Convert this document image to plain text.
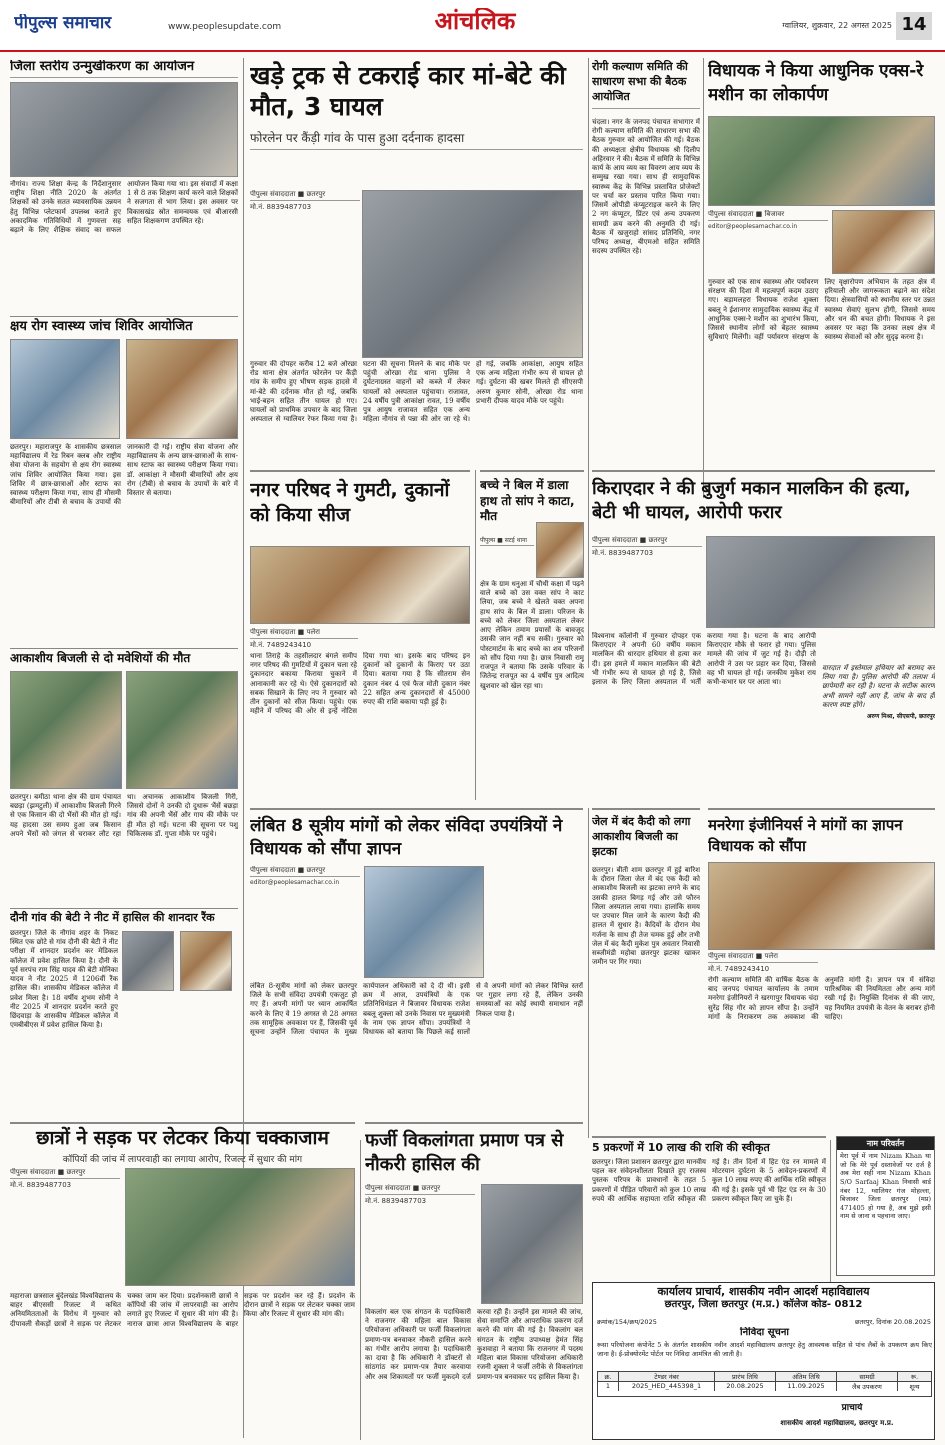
पीपुल्स समाचार	www.peoplesupdate.com	आंचलिक	ग्वालियर, शुक्रवार, 22 अगस्त 2025 14
जिला स्तरीय उन्मुखीकरण का आयोजन
नौगांव। राज्य शिक्षा केन्द्र के निर्देशानुसार राष्ट्रीय शिक्षा नीति 2020 के अंतर्गत शिक्षकों को उनके सतत व्यावसायिक उन्नयन हेतु विभिन्न प्लेटफार्म उपलब्ध कराते हुए अकादमिक गतिविधियों में गुणवत्ता सह बढ़ाने के लिए शैक्षिक संवाद का सफल आयोजन किया गया था। इस संवादों में कक्षा 1 से 8 तक शिक्षण कार्य करने वाले शिक्षकों ने सजगता से भाग लिया। इस अवसर पर विकासखंड स्रोत समन्वयक एवं बीआरसी सहित शिक्षकगण उपस्थित रहे।
क्षय रोग स्वास्थ्य जांच शिविर आयोजित
छतरपुर। महाराजपुर के शासकीय छत्रसाल महाविद्यालय में रेड रिबन क्लब और राष्ट्रीय सेवा योजना के सहयोग से क्षय रोग स्वास्थ्य जांच शिविर आयोजित किया गया। इस शिविर में छात्र-छात्राओं और स्टाफ का स्वास्थ्य परीक्षण किया गया, साथ ही मौसमी बीमारियों और टीबी से बचाव के उपायों की जानकारी दी गई। राष्ट्रीय सेवा योजना और महाविद्यालय के अन्य छात्र-छात्राओं के साथ-साथ स्टाफ का स्वास्थ्य परीक्षण किया गया। डॉ. आकांक्षा ने मौसमी बीमारियों और क्षय रोग (टीबी) से बचाव के उपायों के बारे में विस्तार से बताया।
आकाशीय बिजली से दो मवेशियों की मौत
छतरपुर। बमीठा थाना क्षेत्र की ग्राम पंचायत बछड़ा (झमटुली) में आकाशीय बिजली गिरने से एक किसान की दो भैंसों की मौत हो गई। यह हादसा उस समय हुआ जब किसान अपने भैंसों को जंगल से चराकर लौट रहा था। अचानक आकाशीय बिजली गिरी, जिससे दोनों ने उनकी दो दुधारू भैंसें बछड़ा गांव की अपनी भैंसें और गाय की मौके पर ही मौत हो गई। घटना की सूचना पर पशु चिकित्सक डॉ. गुप्ता मौके पर पहुंचे।
दौनी गांव की बेटी ने नीट में हासिल की शानदार रैंक
छतरपुर। जिले के नौगांव शहर के निकट स्थित एक छोटे से गांव दौनी की बेटी ने नीट परीक्षा में शानदार प्रदर्शन कर मेडिकल कॉलेज में प्रवेश हासिल किया है। दौनी के पूर्व सरपंच राम सिंह यादव की बेटी मोनिका यादव ने नीट 2025 में 1206वीं रैंक हासिल की। शासकीय मेडिकल कॉलेज में प्रवेश मिला है। 18 वर्षीय शुभम सोनी ने नीट 2025 में शानदार प्रदर्शन करते हुए छिंदवाड़ा के शासकीय मेडिकल कॉलेज में एमबीबीएस में प्रवेश हासिल किया है।
छात्रों ने सड़क पर लेटकर किया चक्काजाम
कॉपियों की जांच में लापरवाही का लगाया आरोप, रिजल्ट में सुधार की मांग
पीपुल्स संवाददाता ■ छतरपुर
मो.नं. 8839487703
महाराजा छत्रसाल बुंदेलखंड विश्वविद्यालय के बाहर बीएससी रिजल्ट में कथित अनियमितताओं के विरोध में गुरुवार को दीपावली सैकड़ों छात्रों ने सड़क पर लेटकर चक्का जाम कर दिया। प्रदर्शनकारी छात्रों ने कॉपियों की जांच में लापरवाही का आरोप लगाते हुए रिजल्ट में सुधार की मांग की है। नाराज छात्रा आज विश्वविद्यालय के बाहर सड़क पर प्रदर्शन कर रहे हैं। प्रदर्शन के दौरान छात्रों ने सड़क पर लेटकर चक्का जाम किया और रिजल्ट में सुधार की मांग की।
खड़े ट्रक से टकराई कार मां-बेटे की मौत, 3 घायल
फोरलेन पर कैंड़ी गांव के पास हुआ दर्दनाक हादसा
पीपुल्स संवाददाता ■ छतरपुर
मो.नं. 8839487703
गुरुवार की दोपहर करीब 12 बजे ओरछा रोड थाना क्षेत्र अंतर्गत फोरलेन पर कैंड़ी गांव के समीप हुए भीषण सड़क हादसे में मां-बेटे की दर्दनाक मौत हो गई, जबकि भाई-बहन सहित तीन घायल हो गए। घायलों को प्राथमिक उपचार के बाद जिला अस्पताल से ग्वालियर रेफर किया गया है। घटना की सूचना मिलने के बाद मौके पर पहुंची ओरछा रोड थाना पुलिस ने दुर्घटनाग्रस्त वाहनों को कब्जे में लेकर घायलों को अस्पताल पहुंचाया। राजावत, 24 वर्षीय पुत्री आकांक्षा रावत, 19 वर्षीय पुत्र आयुष राजावत सहित एक अन्य महिला नौगांव से पन्ना की ओर जा रहे थे। हो गई, जबकि आकांक्षा, आयुष सहित एक अन्य महिला गंभीर रूप से घायल हो गई। दुर्घटना की खबर मिलते ही सीएसपी अरुण कुमार सोनी, ओरछा रोड थाना प्रभारी दीपक यादव मौके पर पहुंचे।
नगर परिषद ने गुमटी, दुकानों को किया सीज
पीपुल्स संवाददाता ■ पलेरा
मो.नं. 7489243410
थाना तिराहे के तहसीलदार बंगले समीप नगर परिषद की गुमटियों में दुकान चला रहे दुकानदार बकाया किराया चुकाने में आनाकानी कर रहे थे। ऐसे दुकानदारों को सबक सिखाने के लिए नप ने गुरुवार को तीन दुकानों को सीज किया। पहुंचे। एक महीने में परिषद की ओर से इन्हें नोटिस दिया गया था। इसके बाद परिषद इन दुकानों को दुकानों के किराए पर उठा दिया। बताया गया है कि सीतराम सेन दुकान नंबर 4 एवं फैज मोती दुकान नंबर 22 सहित अन्य दुकानदारों से 45000 रुपए की राशि बकाया पड़ी हुई है।
बच्चे ने बिल में डाला हाथ तो सांप ने काटा, मौत
पीपुल्स ■ सटई थाना
क्षेत्र के ग्राम धनुआ में चौथी कक्षा में पढ़ने वाले बच्चे को उस वक्त सांप ने काट लिया, जब बच्चे ने खेलते वक्त अपना हाथ सांप के बिल में डाला। परिजन के बच्चे को लेकर जिला अस्पताल लेकर आए लेकिन तमाम प्रयासों के बावजूद उसकी जान नहीं बच सकी। गुरुवार को पोस्टमार्टम के बाद बच्चे का शव परिजनों को सौंप दिया गया है। छात्र निवासी रामू राजपूत ने बताया कि उसके परिवार के जितेन्द्र राजपूत का 4 वर्षीय पुत्र आदित्य खुशवार को खेल रहा था।
लंबित 8 सूत्रीय मांगों को लेकर संविदा उपयंत्रियों ने विधायक को सौंपा ज्ञापन
पीपुल्स संवाददाता ■ छतरपुर
editor@peoplesamachar.co.in
लंबित 8-सूत्रीय मांगों को लेकर छतरपुर जिले के सभी संविदा उपयंत्री एकजुट हो गए हैं। अपनी मांगों पर ध्यान आकर्षित करने के लिए वे 19 अगस्त से 28 अगस्त तक सामूहिक अवकाश पर हैं, जिसकी पूर्व सूचना उन्होंने जिला पंचायत के मुख्य कार्यपालन अधिकारी को दे दी थी। इसी क्रम में आज, उपयंत्रियों के एक प्रतिनिधिमंडल ने बिजावर विधायक राजेश बबलू शुक्ला को उनके निवास पर मुख्यमंत्री के नाम एक ज्ञापन सौंपा। उपयंत्रियों ने विधायक को बताया कि पिछले कई सालों से वे अपनी मांगों को लेकर विभिन्न स्तरों पर गुहार लगा रहे हैं, लेकिन उनकी समस्याओं का कोई स्थायी समाधान नहीं निकल पाया है।
फर्जी विकलांगता प्रमाण पत्र से नौकरी हासिल की
पीपुल्स संवाददाता ■ छतरपुर
मो.नं. 8839487703
विकलांग बल एक संगठन के पदाधिकारी ने राजनगर की महिला बाल विकास परियोजना अधिकारी पर फर्जी विकलांगता प्रमाण-पत्र बनवाकर नौकरी हासिल करने का गंभीर आरोप लगाया है। पदाधिकारी का दावा है कि अधिकारी ने डॉक्टरों से सांठगांठ कर प्रमाण-पत्र तैयार करवाया और अब शिकायतों पर फर्जी मुकदमे दर्ज करवा रही हैं। उन्होंने इस मामले की जांच, सेवा समाप्ति और आपराधिक प्रकरण दर्ज करने की मांग की गई है। विकलांग बल संगठन के राष्ट्रीय उपाध्यक्ष हेमंत सिंह कुशवाहा ने बताया कि राजनगर में पदस्थ महिला बाल विकास परियोजना अधिकारी रजनी शुक्ला ने फर्जी तरीके से विकलांगता प्रमाण-पत्र बनवाकर पद हासिल किया है।
रोगी कल्याण समिति की साधारण सभा की बैठक आयोजित
चंदला। नगर के जनपद पंचायत सभागार में रोगी कल्याण समिति की साधारण सभा की बैठक गुरुवार को आयोजित की गई। बैठक की अध्यक्षता क्षेत्रीय विधायक श्री दिलीप अहिरवार ने की। बैठक में समिति के विभिन्न कार्य के आय व्यय का विवरण आय व्यय के सम्मुख रखा गया। साथ ही सामुदायिक स्वास्थ्य केंद्र के विभिन्न प्रस्तावित प्रोजेक्टों पर चर्चा कर प्रस्ताव पारित किया गया। जिसमें ओपीडी कंप्यूटराइज करने के लिए 2 नग कंप्यूटर, प्रिंटर एवं अन्य उपकरण सामग्री क्रय करने की अनुमति दी गई। बैठक में खजुराहो सांसद प्रतिनिधि, नगर परिषद अध्यक्ष, बीएमओ सहित समिति सदस्य उपस्थित रहे।
विधायक ने किया आधुनिक एक्स-रे मशीन का लोकार्पण
पीपुल्स संवाददाता ■ बिजावर
editor@peoplesamachar.co.in
गुरुवार को एक साथ स्वास्थ्य और पर्यावरण संरक्षण की दिशा में महत्वपूर्ण कदम उठाए गए। बड़ामलहरा विधायक राजेश शुक्ला बबलू ने ईशानगर सामुदायिक स्वास्थ्य केंद्र में आधुनिक एक्स-रे मशीन का शुभारंभ किया, जिससे स्थानीय लोगों को बेहतर स्वास्थ्य सुविधाएं मिलेंगी। वहीं पर्यावरण संरक्षण के लिए वृक्षारोपण अभियान के तहत क्षेत्र में हरियाली और जागरूकता बढ़ाने का संदेश दिया। क्षेत्रवासियों को स्थानीय स्तर पर उन्नत स्वास्थ्य सेवाएं सुलभ होंगी, जिससे समय और धन की बचत होगी। विधायक ने इस अवसर पर कहा कि उनका लक्ष्य क्षेत्र में स्वास्थ्य सेवाओं को और सुदृढ़ करना है।
किराएदार ने की बुजुर्ग मकान मालकिन की हत्या, बेटी भी घायल, आरोपी फरार
पीपुल्स संवाददाता ■ छतरपुर
मो.नं. 8839487703
विश्वनाथ कॉलोनी में गुरुवार दोपहर एक किराएदार ने अपनी 60 वर्षीय मकान मालकिन की धारदार हथियार से हत्या कर दी। इस हमले में मकान मालकिन की बेटी भी गंभीर रूप से घायल हो गई है, जिसे इलाज के लिए जिला अस्पताल में भर्ती कराया गया है। घटना के बाद आरोपी किराएदार मौके से फरार हो गया। पुलिस मामले की जांच में जुट गई है। दौड़ी तो आरोपी ने उस पर प्रहार कर दिया, जिससे वह भी घायल हो गई। जनकीय मुकेश राय कभी-कभार घर पर आता था।
वारदात में इस्तेमाल हथियार को बरामद कर लिया गया है। पुलिस आरोपी की तलाश में छापेमारी कर रही है। घटना के सटीक कारण अभी सामने नहीं आए हैं, जांच के बाद ही कारण स्पष्ट होंगे।
अरुण मिश्रा, सीएसपी, छतरपुर
जेल में बंद कैदी को लगा आकाशीय बिजली का झटका
छतरपुर। बीती शाम छतरपुर में हुई बारिश के दौरान जिला जेल में बंद एक कैदी को आकाशीय बिजली का झटका लगने के बाद उसकी हालत बिगड़ गई और उसे फौरन जिला अस्पताल लाया गया। हालांकि समय पर उपचार मिल जाने के कारण कैदी की हालत में सुधार है। कैदियों के दौरान मेघ गर्जना के साथ ही तेज चमक हुई और तभी जेल में बंद कैदी मुकेश पुत्र अवतार निवासी सब्जीमंडी महोबा छतरपुर झटका खाकर जमीन पर गिर गया।
मनरेगा इंजीनियर्स ने मांगों का ज्ञापन विधायक को सौंपा
पीपुल्स संवाददाता ■ पलेरा
मो.नं. 7489243410
रोगी कल्याण समिति की वार्षिक बैठक के बाद जनपद पंचायत कार्यालय के तमाम मनरेगा इंजीनियरों ने खरगापुर विधायक चंदा सुरेंद्र सिंह गौर को ज्ञापन सौंपा है। उन्होंने मांगों के निराकरण तक अवकाश की अनुमति मांगी है। ज्ञापन पत्र में संविदा पारिश्रमिक की नियमितता और अन्य मांगें रखी गई हैं। नियुक्ति दिनांक से की जाए, यह नियमित उपयंत्री के वेतन के बराबर होनी चाहिए।
5 प्रकरणों में 10 लाख की राशि की स्वीकृत
छतरपुर। जिला प्रशासन छतरपुर द्वारा मानवीय पहल कर संवेदनशीलता दिखाते हुए राजस्व पुस्तक परिपत्र के प्रावधानों के तहत 5 प्रकरणों में पीड़ित परिवारों को कुल 10 लाख रुपये की आर्थिक सहायता राशि स्वीकृत की गई है। तीन दिनों में हिट एंड रन मामले में मोटरयान दुर्घटना के 5 आवेदन-प्रकरणों में कुल 10 लाख रुपए की आर्थिक राशि स्वीकृत की गई है। इसके पूर्व भी हिट एंड रन के 30 प्रकरण स्वीकृत किए जा चुके हैं।
नाम परिवर्तन
मेरा पूर्व में नाम Nizam Khan था जो कि मेरे पूर्व दस्तावेजों पर दर्ज है अब मेरा सही नाम Nizam Khan S/O Sarfaaj Khan निवासी बार्ड नंबर 12, ग्वालियर गंज मोहल्ला, बिजावर जिला छतरपुर (मप्र) 471405 हो गया है, अब मुझे इसी नाम से जाना व पहचाना जाए।
कार्यालय प्राचार्य, शासकीय नवीन आदर्श महाविद्यालय
छतरपुर, जिला छतरपुर (म.प्र.) कॉलेज कोड- 0812
क्रमांक/154/क्रय/2025	छतरपुर, दिनांक 20.08.2025
निविदा सूचना
रूसा परियोजना कंपोनेंट 5 के अंतर्गत शासकीय नवीन आदर्श महाविद्यालय छतरपुर हेतु आवश्यक सहित से पांच लैबों के उपकरण क्रय किए जाना है। ई-प्रोक्योरमेंट पोर्टल पर निविदा आमंत्रित की जाती है।
क्र.	टेण्डर नंबर	प्रारंभ तिथि	अंतिम तिथि	सामग्री	रू.
1	2025_HED_445398_1	20.08.2025	11.09.2025	लैब उपकरण	शून्य
प्राचार्य
शासकीय आदर्श महाविद्यालय, छतरपुर म.प्र.
